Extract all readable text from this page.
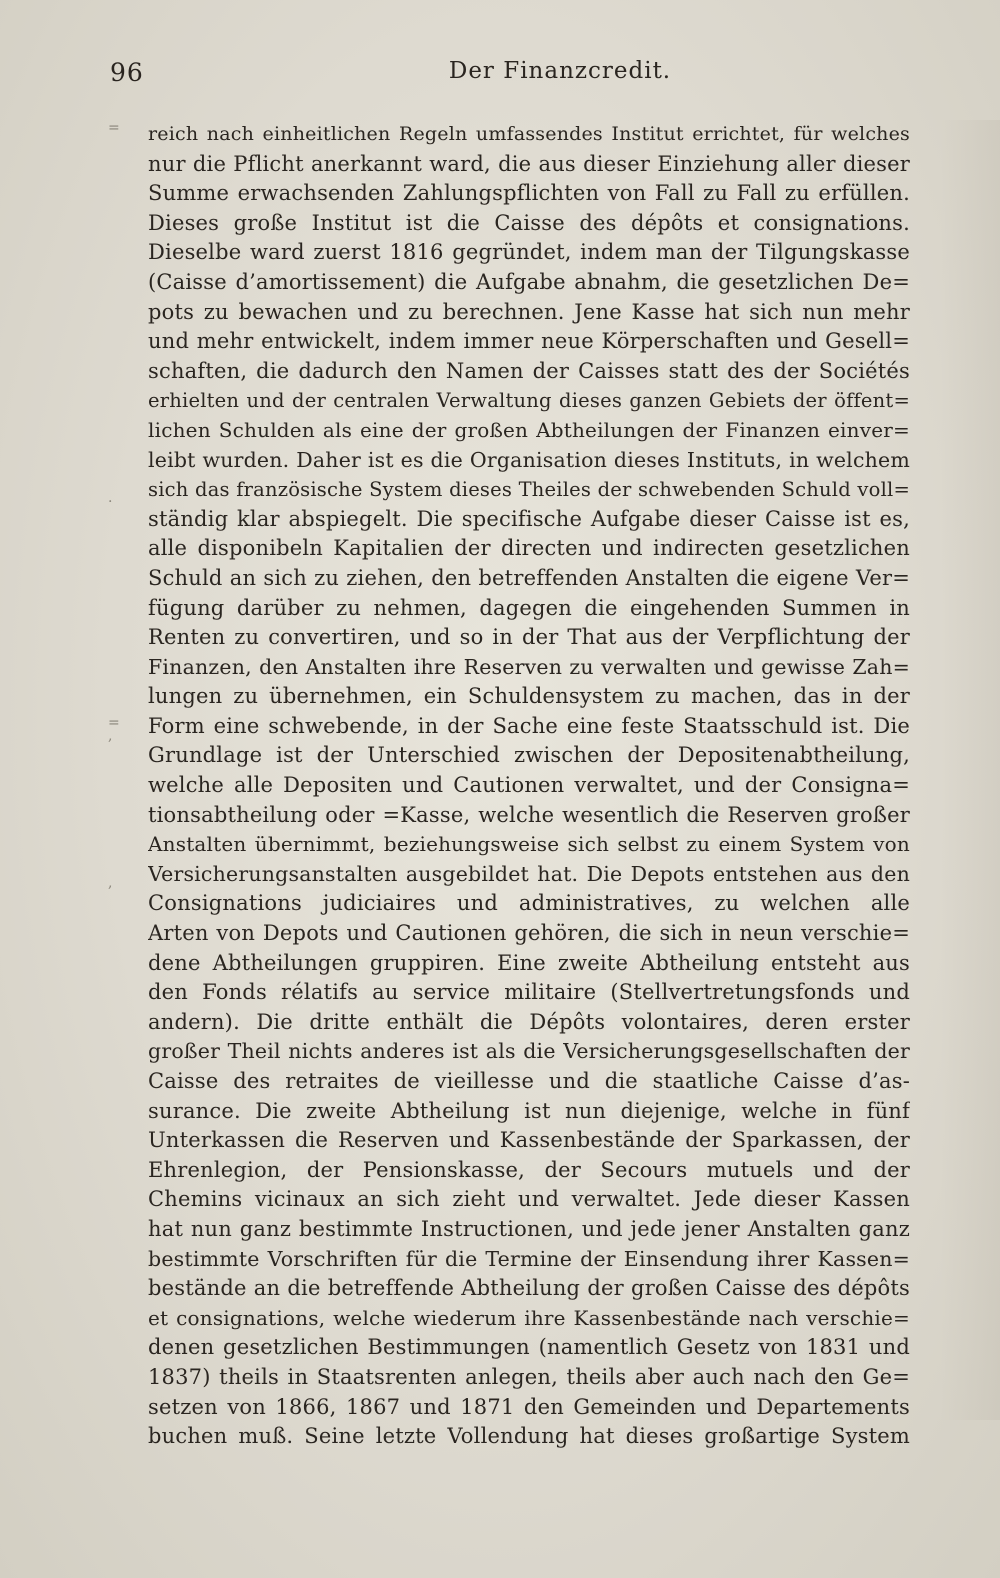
96	Der Finanzcredit.
=
.
,
=
,
reich nach einheitlichen Regeln umfassendes Institut errichtet, für welches
nur die Pflicht anerkannt ward, die aus dieser Einziehung aller dieser
Summe erwachsenden Zahlungspflichten von Fall zu Fall zu erfüllen.
Dieses große Institut ist die Caisse des dépôts et consignations.
Dieselbe ward zuerst 1816 gegründet, indem man der Tilgungskasse
(Caisse d’amortissement) die Aufgabe abnahm, die gesetzlichen De=
pots zu bewachen und zu berechnen. Jene Kasse hat sich nun mehr
und mehr entwickelt, indem immer neue Körperschaften und Gesell=
schaften, die dadurch den Namen der Caisses statt des der Sociétés
erhielten und der centralen Verwaltung dieses ganzen Gebiets der öffent=
lichen Schulden als eine der großen Abtheilungen der Finanzen einver=
leibt wurden. Daher ist es die Organisation dieses Instituts, in welchem
sich das französische System dieses Theiles der schwebenden Schuld voll=
ständig klar abspiegelt. Die specifische Aufgabe dieser Caisse ist es,
alle disponibeln Kapitalien der directen und indirecten gesetzlichen
Schuld an sich zu ziehen, den betreffenden Anstalten die eigene Ver=
fügung darüber zu nehmen, dagegen die eingehenden Summen in
Renten zu convertiren, und so in der That aus der Verpflichtung der
Finanzen, den Anstalten ihre Reserven zu verwalten und gewisse Zah=
lungen zu übernehmen, ein Schuldensystem zu machen, das in der
Form eine schwebende, in der Sache eine feste Staatsschuld ist. Die
Grundlage ist der Unterschied zwischen der Depositenabtheilung,
welche alle Depositen und Cautionen verwaltet, und der Consigna=
tionsabtheilung oder =Kasse, welche wesentlich die Reserven großer
Anstalten übernimmt, beziehungsweise sich selbst zu einem System von
Versicherungsanstalten ausgebildet hat. Die Depots entstehen aus den
Consignations judiciaires und administratives, zu welchen alle
Arten von Depots und Cautionen gehören, die sich in neun verschie=
dene Abtheilungen gruppiren. Eine zweite Abtheilung entsteht aus
den Fonds rélatifs au service militaire (Stellvertretungsfonds und
andern). Die dritte enthält die Dépôts volontaires, deren erster
großer Theil nichts anderes ist als die Versicherungsgesellschaften der
Caisse des retraites de vieillesse und die staatliche Caisse d’as-
surance. Die zweite Abtheilung ist nun diejenige, welche in fünf
Unterkassen die Reserven und Kassenbestände der Sparkassen, der
Ehrenlegion, der Pensionskasse, der Secours mutuels und der
Chemins vicinaux an sich zieht und verwaltet. Jede dieser Kassen
hat nun ganz bestimmte Instructionen, und jede jener Anstalten ganz
bestimmte Vorschriften für die Termine der Einsendung ihrer Kassen=
bestände an die betreffende Abtheilung der großen Caisse des dépôts
et consignations, welche wiederum ihre Kassenbestände nach verschie=
denen gesetzlichen Bestimmungen (namentlich Gesetz von 1831 und
1837) theils in Staatsrenten anlegen, theils aber auch nach den Ge=
setzen von 1866, 1867 und 1871 den Gemeinden und Departements
buchen muß. Seine letzte Vollendung hat dieses großartige System
